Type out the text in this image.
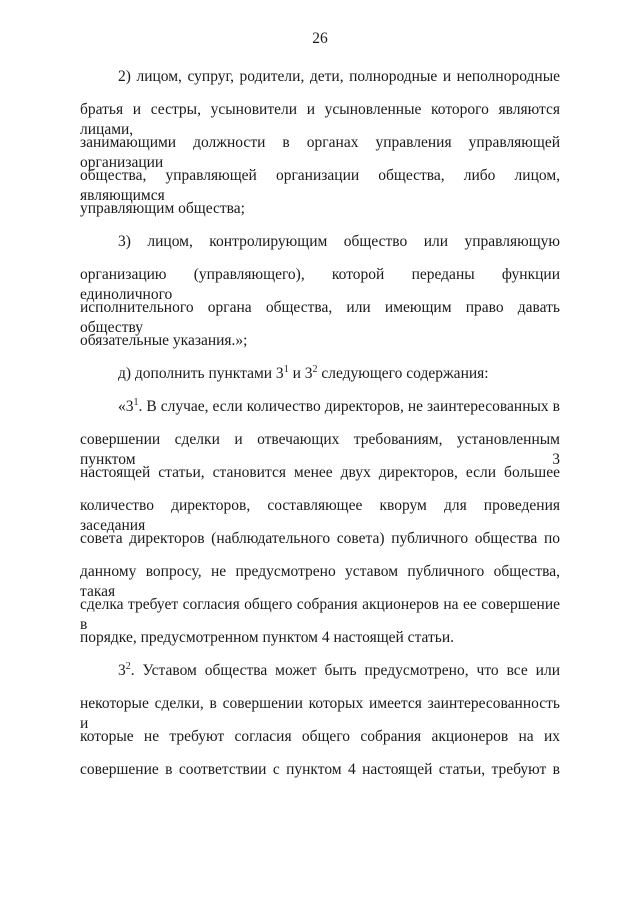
26
2) лицом, супруг, родители, дети, полнородные и неполнородные
братья и сестры, усыновители и усыновленные которого являются лицами,
занимающими должности в органах управления управляющей организации
общества, управляющей организации общества, либо лицом, являющимся
управляющим общества;
3) лицом, контролирующим общество или управляющую
организацию (управляющего), которой переданы функции единоличного
исполнительного органа общества, или имеющим право давать обществу
обязательные указания.»;
д) дополнить пунктами $3^1$ и $3^2$ следующего содержания:
«$3^1$ . В случае, если количество директоров, не заинтересованных в
совершении сделки и отвечающих требованиям, установленным пунктом 3
настоящей статьи, становится менее двух директоров, если большее
количество директоров, составляющее кворум для проведения заседания
совета директоров (наблюдательного совета) публичного общества по
данному вопросу, не предусмотрено уставом публичного общества, такая
сделка требует согласия общего собрания акционеров на ее совершение в
порядке, предусмотренном пунктом 4 настоящей статьи.
$3^2$ . Уставом общества может быть предусмотрено, что все или
некоторые сделки, в совершении которых имеется заинтересованность и
которые не требуют согласия общего собрания акционеров на их
совершение в соответствии с пунктом 4 настоящей статьи, требуют в
